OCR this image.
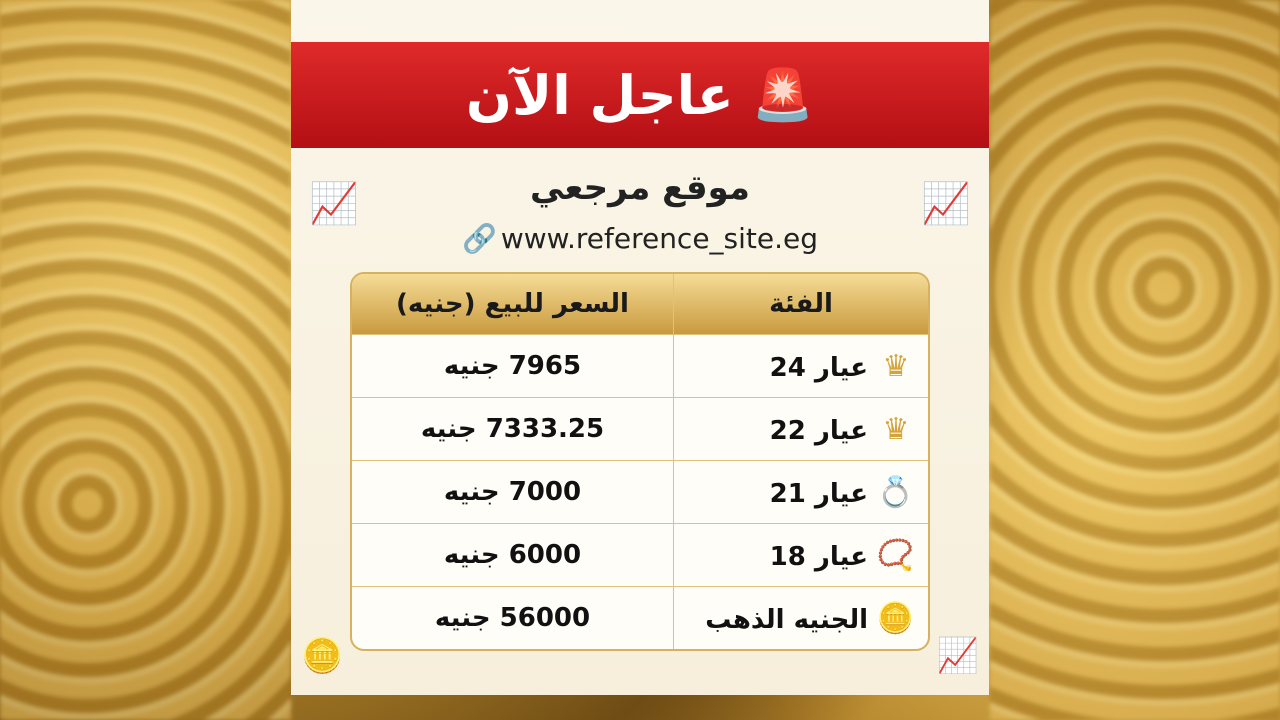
🚨
عاجل الآن
📈	📈
🪙	📈
موقع مرجعي
🔗 www.reference_site.eg
الفئة	السعر للبيع (جنيه)
♛عيار 24	7965 جنيه
♛عيار 22	7333.25 جنيه
💍عيار 21	7000 جنيه
📿عيار 18	6000 جنيه
🪙الجنيه الذهب	56000 جنيه
